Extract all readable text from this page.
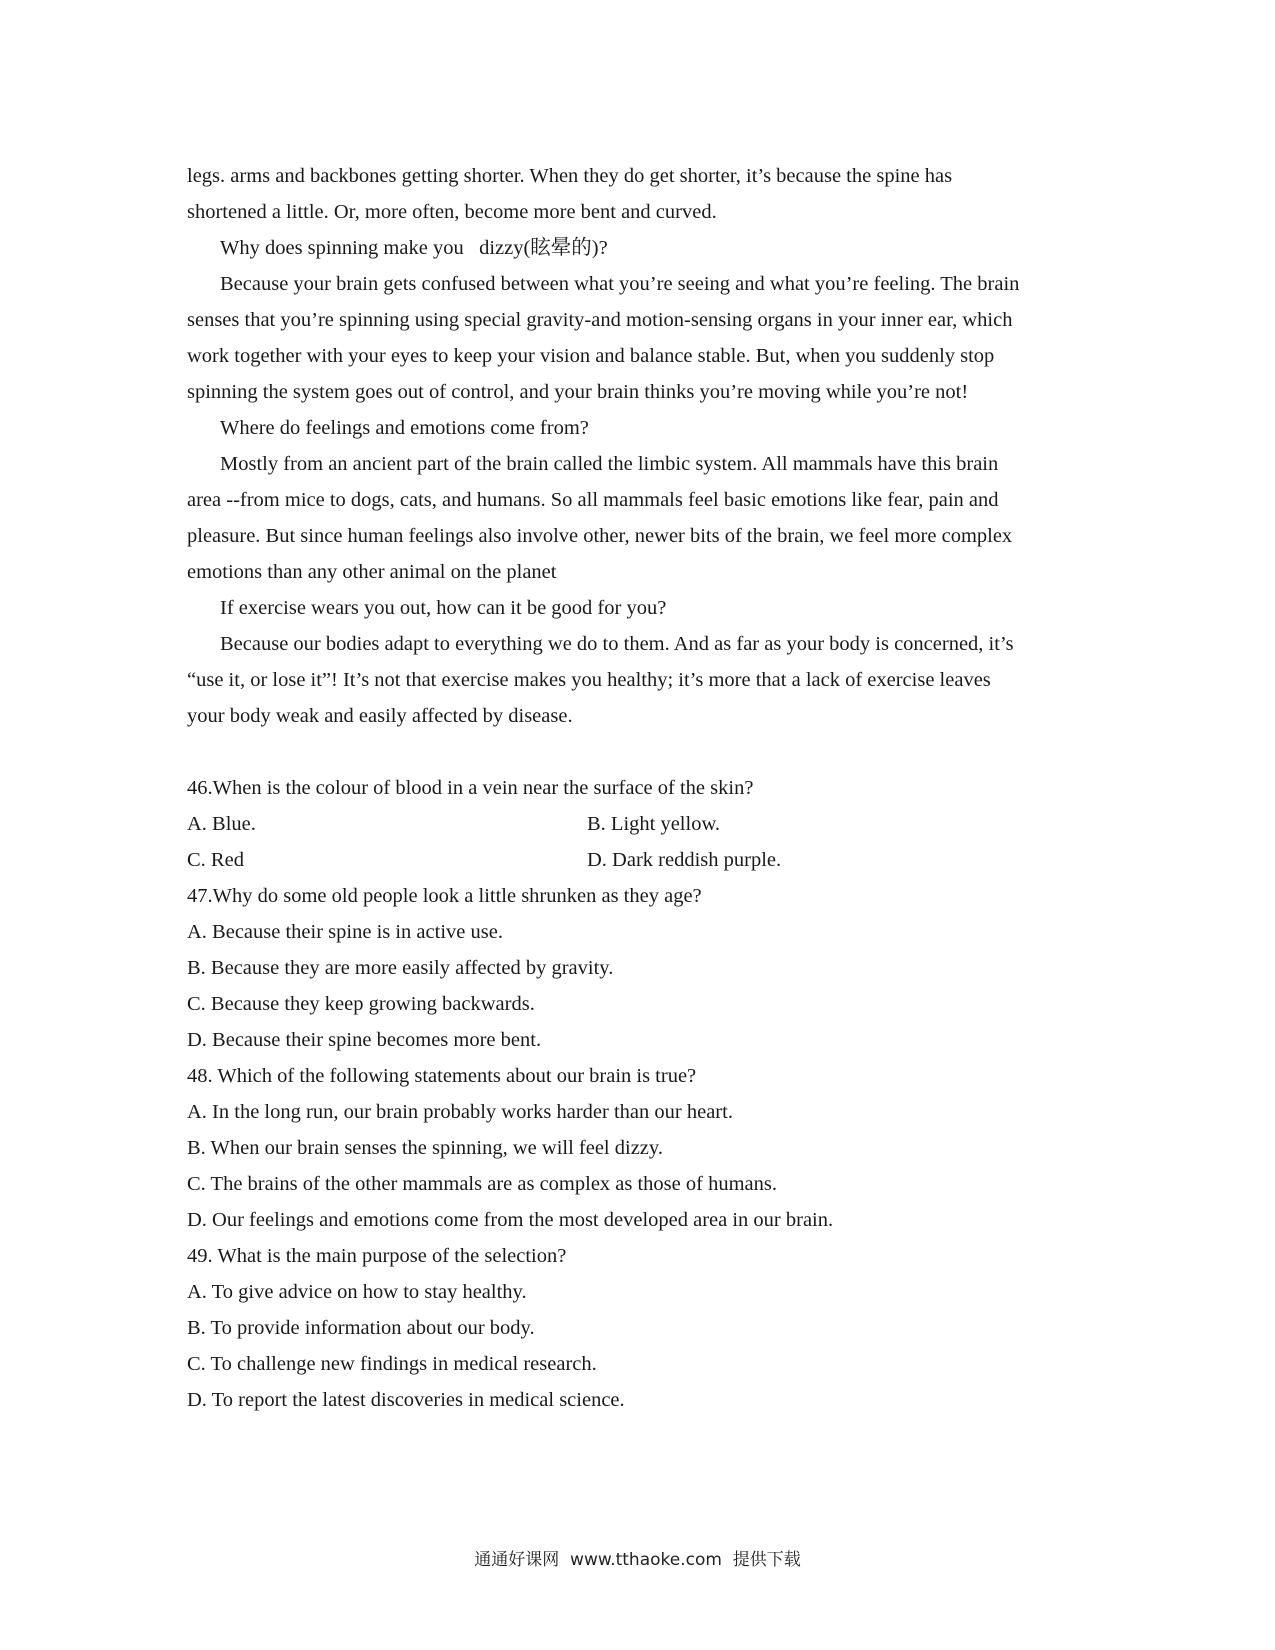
legs. arms and backbones getting shorter. When they do get shorter, it’s because the spine has
shortened a little. Or, more often, become more bent and curved.
Why does spinning make you   dizzy(眩晕的)?
Because your brain gets confused between what you’re seeing and what you’re feeling. The brain
senses that you’re spinning using special gravity-and motion-sensing organs in your inner ear, which
work together with your eyes to keep your vision and balance stable. But, when you suddenly stop
spinning the system goes out of control, and your brain thinks you’re moving while you’re not!
Where do feelings and emotions come from?
Mostly from an ancient part of the brain called the limbic system. All mammals have this brain
area --from mice to dogs, cats, and humans. So all mammals feel basic emotions like fear, pain and
pleasure. But since human feelings also involve other, newer bits of the brain, we feel more complex
emotions than any other animal on the planet
If exercise wears you out, how can it be good for you?
Because our bodies adapt to everything we do to them. And as far as your body is concerned, it’s
“use it, or lose it”! It’s not that exercise makes you healthy; it’s more that a lack of exercise leaves
your body weak and easily affected by disease.
46.When is the colour of blood in a vein near the surface of the skin?
A. Blue.	B. Light yellow.
C. Red	D. Dark reddish purple.
47.Why do some old people look a little shrunken as they age?
A. Because their spine is in active use.
B. Because they are more easily affected by gravity.
C. Because they keep growing backwards.
D. Because their spine becomes more bent.
48. Which of the following statements about our brain is true?
A. In the long run, our brain probably works harder than our heart.
B. When our brain senses the spinning, we will feel dizzy.
C. The brains of the other mammals are as complex as those of humans.
D. Our feelings and emotions come from the most developed area in our brain.
49. What is the main purpose of the selection?
A. To give advice on how to stay healthy.
B. To provide information about our body.
C. To challenge new findings in medical research.
D. To report the latest discoveries in medical science.
通通好课网  www.tthaoke.com  提供下载
